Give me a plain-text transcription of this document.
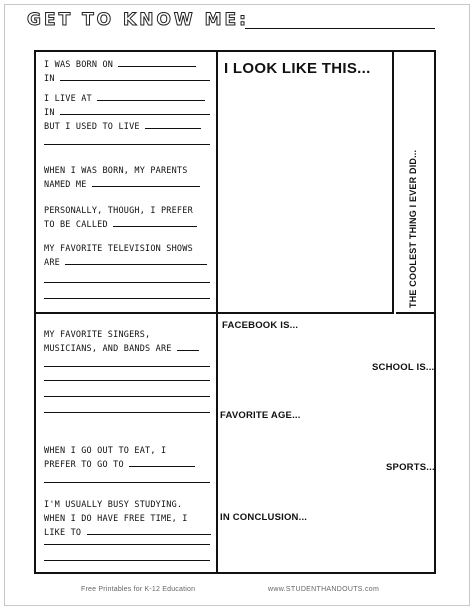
GET TO KNOW ME:
I WAS BORN ON
IN
I LIVE AT
IN
BUT I USED TO LIVE
WHEN I WAS BORN, MY PARENTS
NAMED ME
PERSONALLY, THOUGH, I PREFER
TO BE CALLED
MY FAVORITE TELEVISION SHOWS
ARE
MY FAVORITE SINGERS,
MUSICIANS, AND BANDS ARE
WHEN I GO OUT TO EAT, I
PREFER TO GO TO
I'M USUALLY BUSY STUDYING.
WHEN I DO HAVE FREE TIME, I
LIKE TO
I LOOK LIKE THIS...
THE COOLEST THING I EVER DID...
FACEBOOK IS...
SCHOOL IS...
FAVORITE AGE...
SPORTS...
IN CONCLUSION...
Free Printables for K-12 Education	www.STUDENTHANDOUTS.com
